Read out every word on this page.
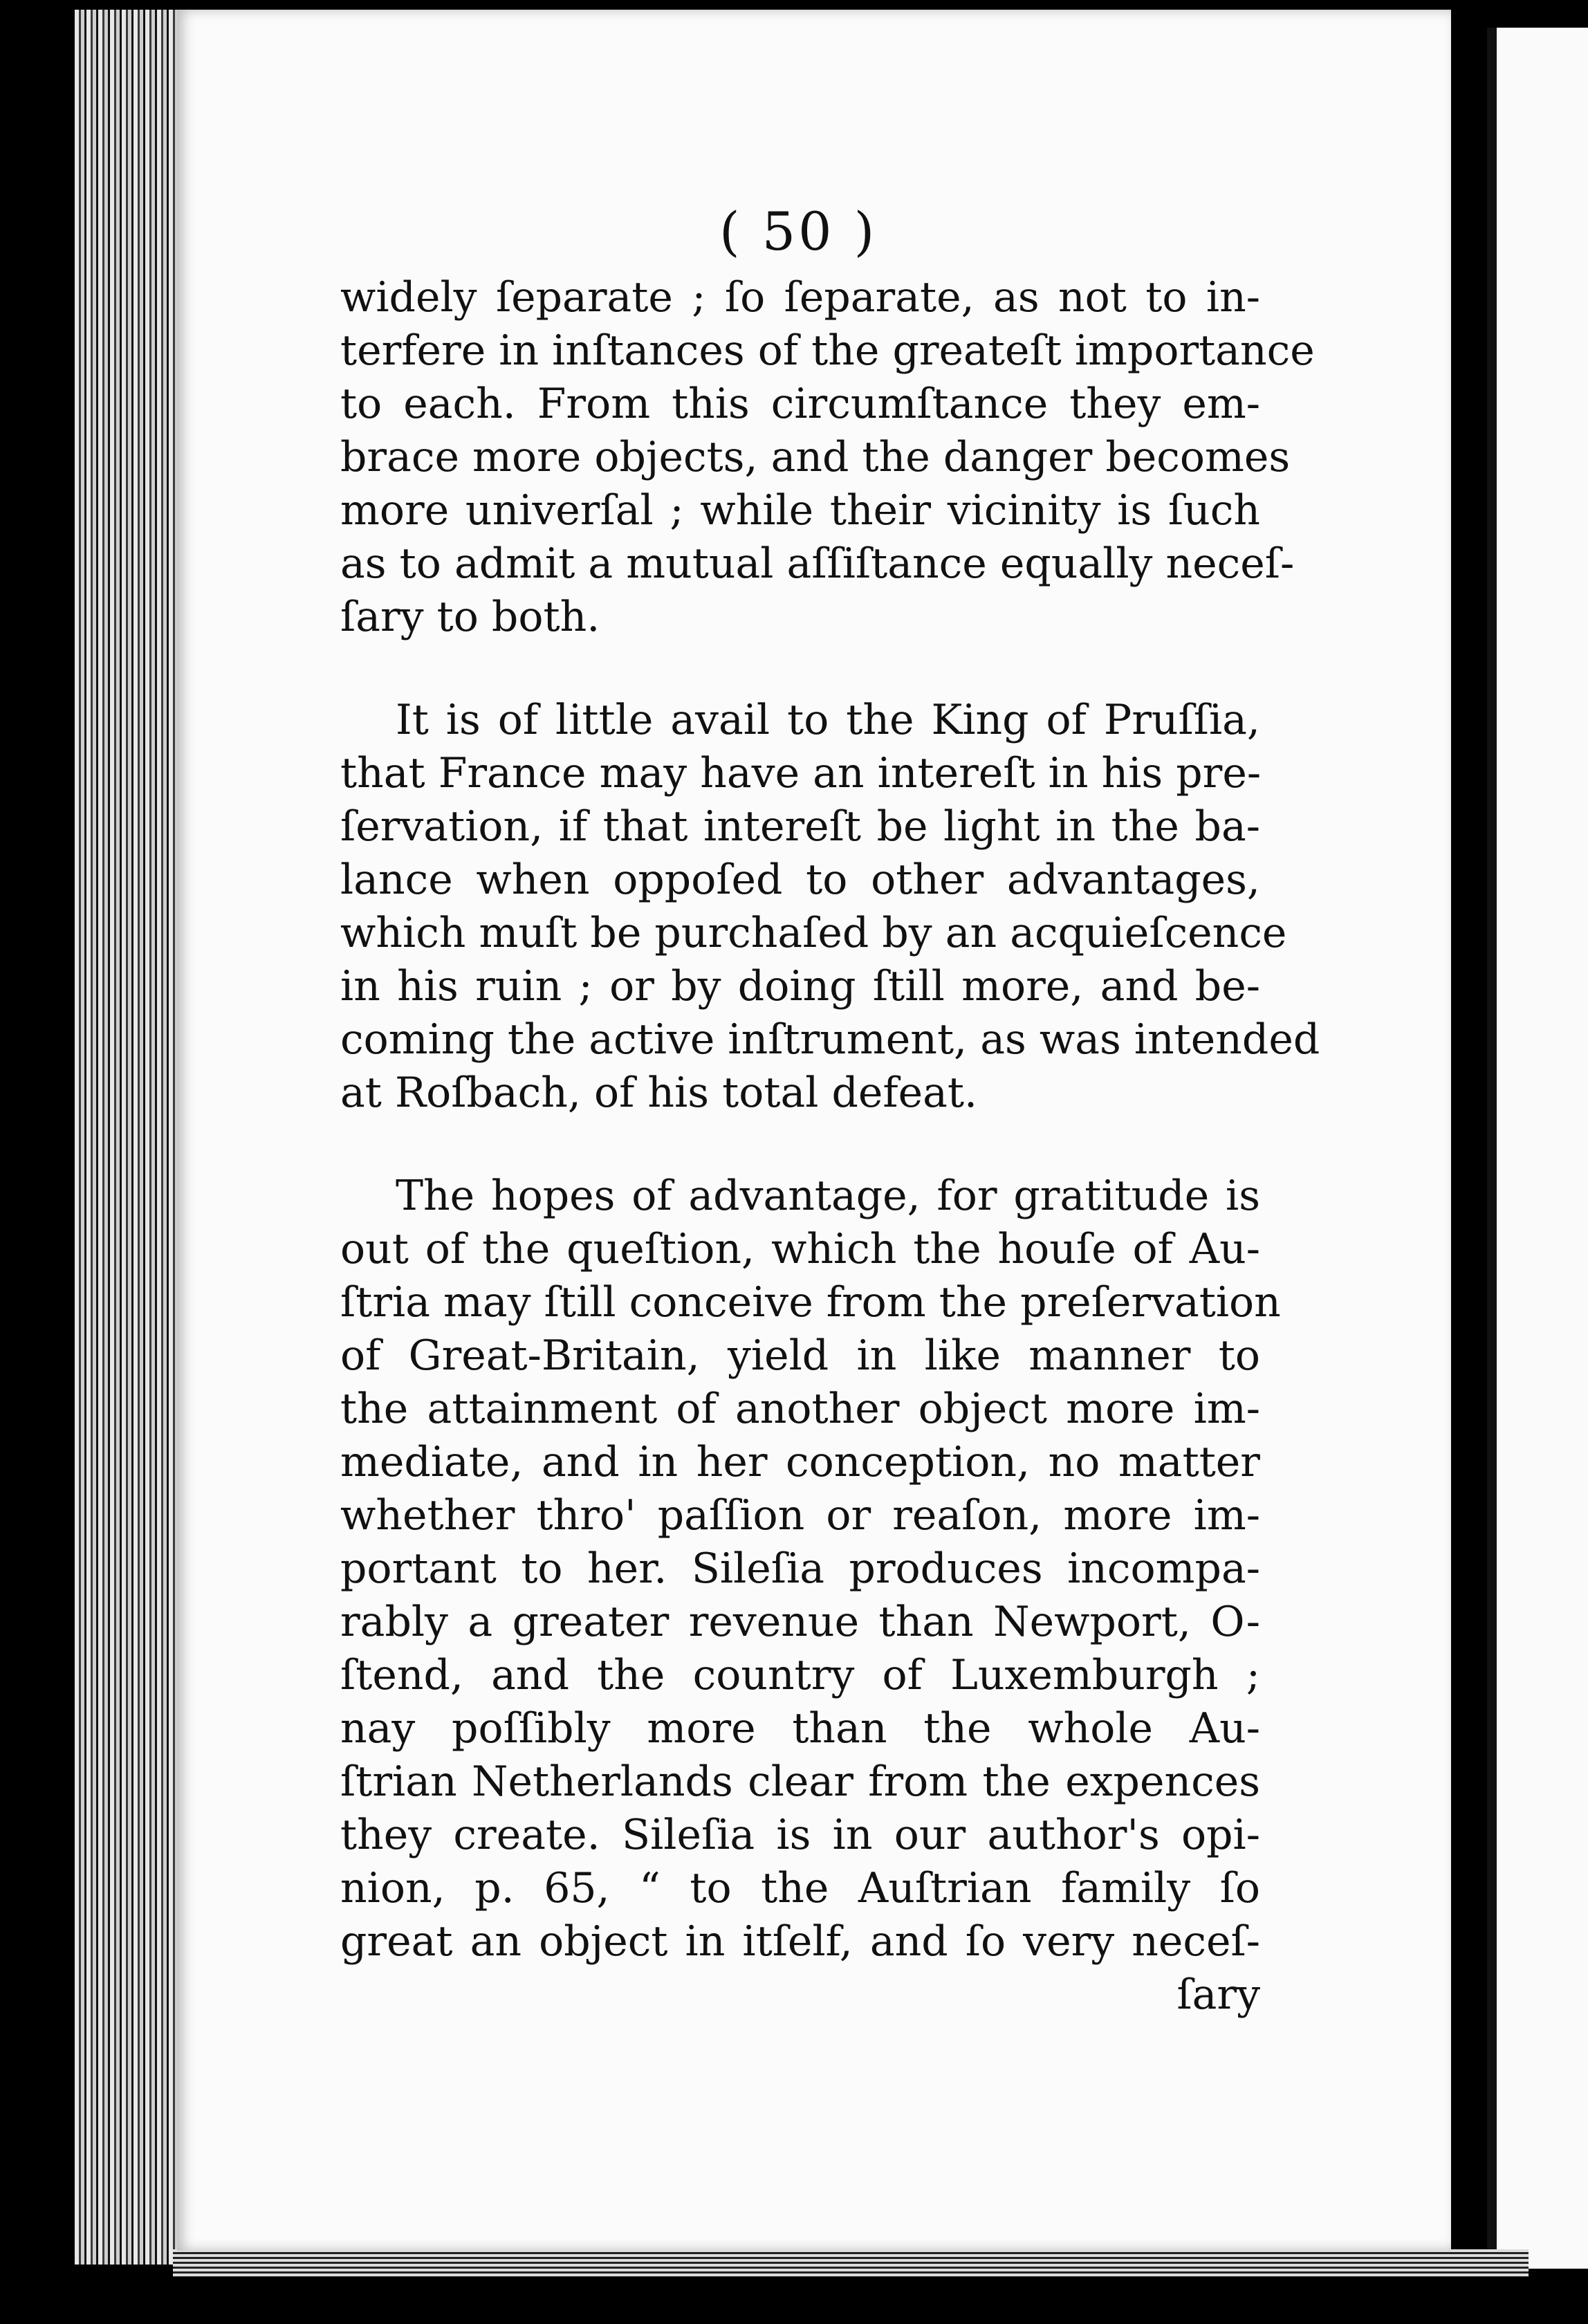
( 50 )
widely ſeparate ; ſo ſeparate, as not to in-
terfere in inſtances of the greateſt importance
to each. From this circumſtance they em-
brace more objects, and the danger becomes
more univerſal ; while their vicinity is ſuch
as to admit a mutual aſſiſtance equally neceſ-
ſary to both.
It is of little avail to the King of Pruſſia,
that France may have an intereſt in his pre-
ſervation, if that intereſt be light in the ba-
lance when oppoſed to other advantages,
which muſt be purchaſed by an acquieſcence
in his ruin ; or by doing ſtill more, and be-
coming the active inſtrument, as was intended
at Roſbach, of his total defeat.
The hopes of advantage, for gratitude is
out of the queſtion, which the houſe of Au-
ſtria may ſtill conceive from the preſervation
of Great-Britain, yield in like manner to
the attainment of another object more im-
mediate, and in her conception, no matter
whether thro' paſſion or reaſon, more im-
portant to her. Sileſia produces incompa-
rably a greater revenue than Newport, O-
ſtend, and the country of Luxemburgh ;
nay poſſibly more than the whole Au-
ſtrian Netherlands clear from the expences
they create. Sileſia is in our author's opi-
nion, p. 65, “ to the Auſtrian family ſo
great an object in itſelf, and ſo very neceſ-
ſary
